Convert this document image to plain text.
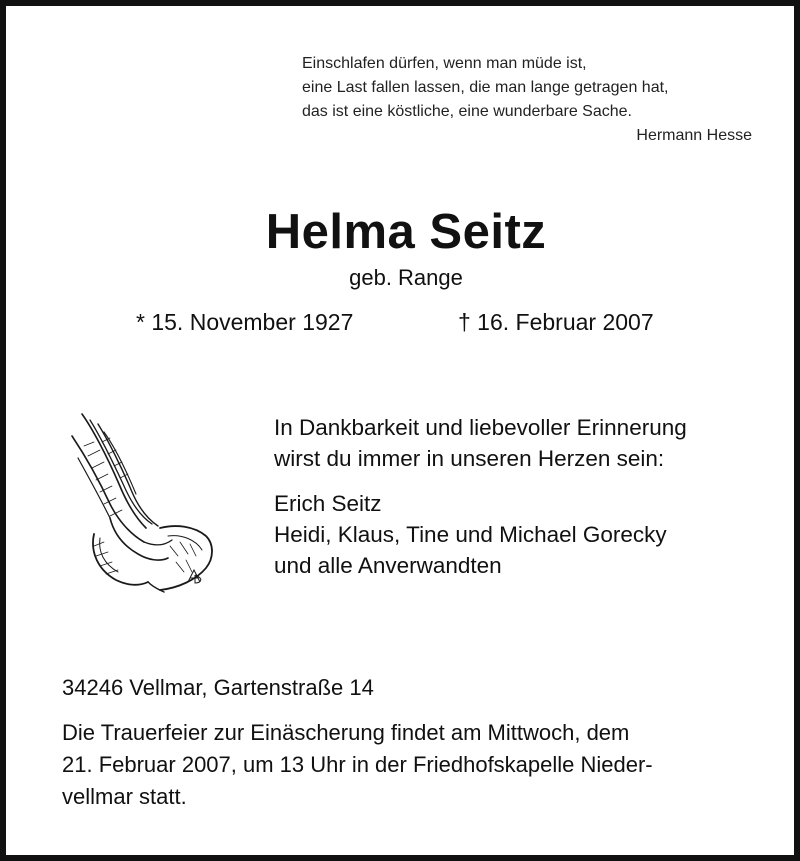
Einschlafen dürfen, wenn man müde ist,
eine Last fallen lassen, die man lange getragen hat,
das ist eine köstliche, eine wunderbare Sache.
Hermann Hesse
Helma Seitz
geb. Range
* 15. November 1927	† 16. Februar 2007
In Dankbarkeit und liebevoller Erinnerung
wirst du immer in unseren Herzen sein:
Erich Seitz
Heidi, Klaus, Tine und Michael Gorecky
und alle Anverwandten
34246 Vellmar, Gartenstraße 14
Die Trauerfeier zur Einäscherung findet am Mittwoch, dem
21. Februar 2007, um 13 Uhr in der Friedhofskapelle Nieder-
vellmar statt.
